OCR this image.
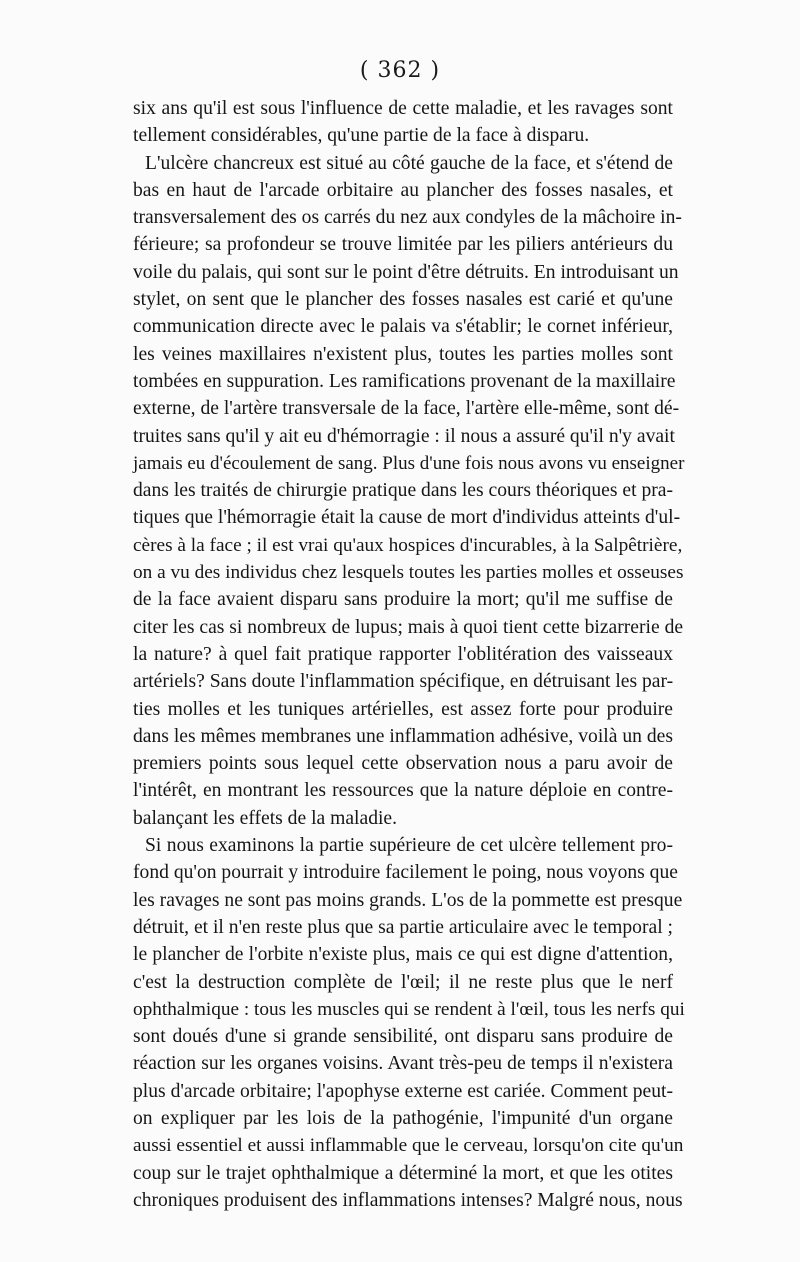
( 362 )
six ans qu'il est sous l'influence de cette maladie, et les ravages sont
tellement considérables, qu'une partie de la face à disparu.
L'ulcère chancreux est situé au côté gauche de la face, et s'étend de
bas en haut de l'arcade orbitaire au plancher des fosses nasales, et
transversalement des os carrés du nez aux condyles de la mâchoire in-
férieure; sa profondeur se trouve limitée par les piliers antérieurs du
voile du palais, qui sont sur le point d'être détruits. En introduisant un
stylet, on sent que le plancher des fosses nasales est carié et qu'une
communication directe avec le palais va s'établir; le cornet inférieur,
les veines maxillaires n'existent plus, toutes les parties molles sont
tombées en suppuration. Les ramifications provenant de la maxillaire
externe, de l'artère transversale de la face, l'artère elle-même, sont dé-
truites sans qu'il y ait eu d'hémorragie : il nous a assuré qu'il n'y avait
jamais eu d'écoulement de sang. Plus d'une fois nous avons vu enseigner
dans les traités de chirurgie pratique dans les cours théoriques et pra-
tiques que l'hémorragie était la cause de mort d'individus atteints d'ul-
cères à la face ; il est vrai qu'aux hospices d'incurables, à la Salpêtrière,
on a vu des individus chez lesquels toutes les parties molles et osseuses
de la face avaient disparu sans produire la mort; qu'il me suffise de
citer les cas si nombreux de lupus; mais à quoi tient cette bizarrerie de
la nature? à quel fait pratique rapporter l'oblitération des vaisseaux
artériels? Sans doute l'inflammation spécifique, en détruisant les par-
ties molles et les tuniques artérielles, est assez forte pour produire
dans les mêmes membranes une inflammation adhésive, voilà un des
premiers points sous lequel cette observation nous a paru avoir de
l'intérêt, en montrant les ressources que la nature déploie en contre-
balançant les effets de la maladie.
Si nous examinons la partie supérieure de cet ulcère tellement pro-
fond qu'on pourrait y introduire facilement le poing, nous voyons que
les ravages ne sont pas moins grands. L'os de la pommette est presque
détruit, et il n'en reste plus que sa partie articulaire avec le temporal ;
le plancher de l'orbite n'existe plus, mais ce qui est digne d'attention,
c'est la destruction complète de l'œil; il ne reste plus que le nerf
ophthalmique : tous les muscles qui se rendent à l'œil, tous les nerfs qui
sont doués d'une si grande sensibilité, ont disparu sans produire de
réaction sur les organes voisins. Avant très-peu de temps il n'existera
plus d'arcade orbitaire; l'apophyse externe est cariée. Comment peut-
on expliquer par les lois de la pathogénie, l'impunité d'un organe
aussi essentiel et aussi inflammable que le cerveau, lorsqu'on cite qu'un
coup sur le trajet ophthalmique a déterminé la mort, et que les otites
chroniques produisent des inflammations intenses? Malgré nous, nous
